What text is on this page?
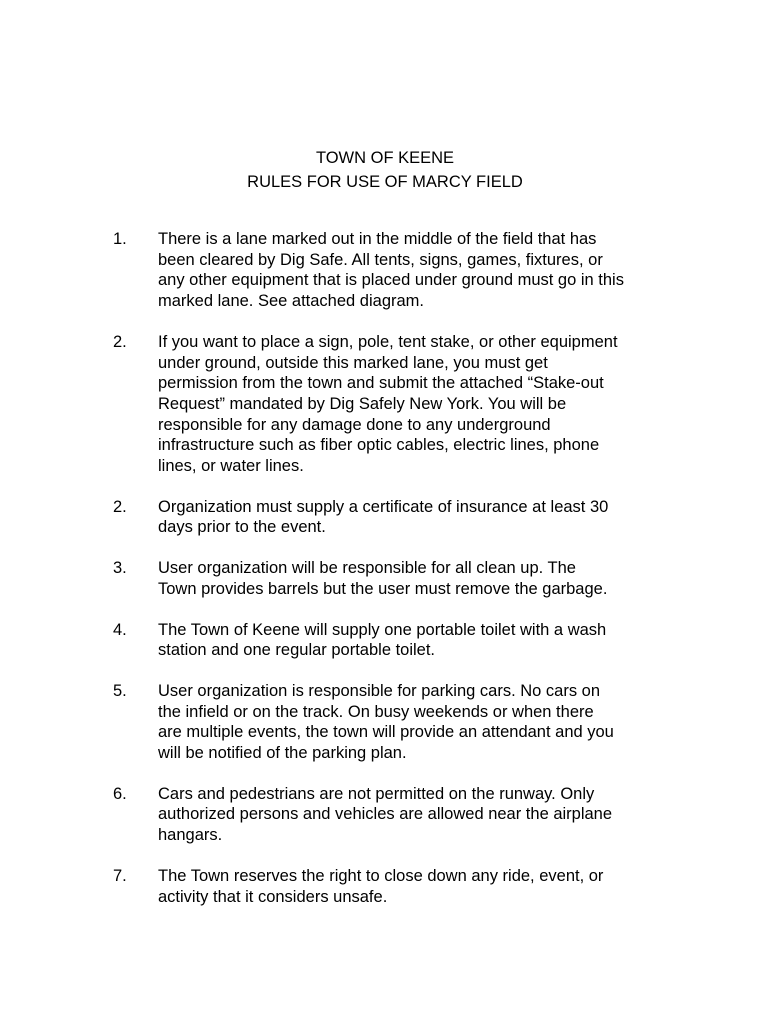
TOWN OF KEENE
RULES FOR USE OF MARCY FIELD
1. There is a lane marked out in the middle of the field that has
been cleared by Dig Safe. All tents, signs, games, fixtures, or
any other equipment that is placed under ground must go in this
marked lane. See attached diagram.
2. If you want to place a sign, pole, tent stake, or other equipment
under ground, outside this marked lane, you must get
permission from the town and submit the attached “Stake-out
Request” mandated by Dig Safely New York. You will be
responsible for any damage done to any underground
infrastructure such as fiber optic cables, electric lines, phone
lines, or water lines.
2. Organization must supply a certificate of insurance at least 30
days prior to the event.
3. User organization will be responsible for all clean up. The
Town provides barrels but the user must remove the garbage.
4. The Town of Keene will supply one portable toilet with a wash
station and one regular portable toilet.
5. User organization is responsible for parking cars. No cars on
the infield or on the track. On busy weekends or when there
are multiple events, the town will provide an attendant and you
will be notified of the parking plan.
6. Cars and pedestrians are not permitted on the runway. Only
authorized persons and vehicles are allowed near the airplane
hangars.
7. The Town reserves the right to close down any ride, event, or
activity that it considers unsafe.
